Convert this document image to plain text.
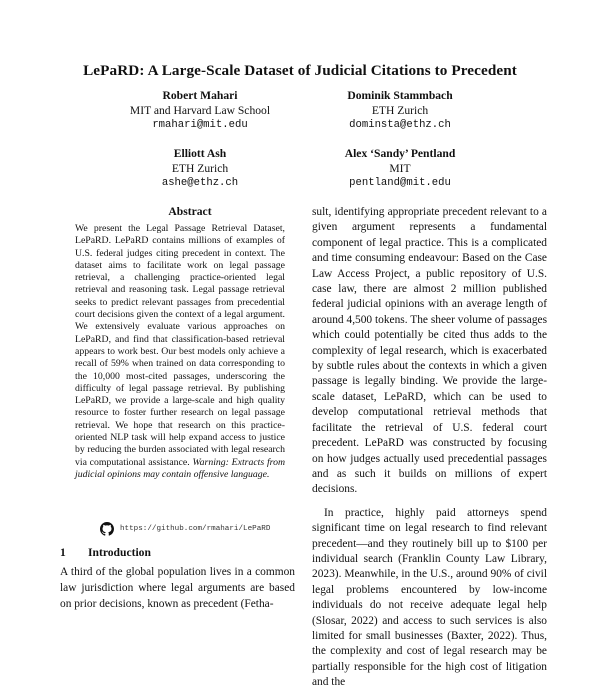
LePaRD: A Large-Scale Dataset of Judicial Citations to Precedent
Robert Mahari
MIT and Harvard Law School
rmahari@mit.edu
Dominik Stammbach
ETH Zurich
dominsta@ethz.ch
Elliott Ash
ETH Zurich
ashe@ethz.ch
Alex ‘Sandy’ Pentland
MIT
pentland@mit.edu
Abstract
We present the Legal Passage Retrieval Dataset, LePaRD. LePaRD contains millions of examples of U.S. federal judges citing precedent in context. The dataset aims to facilitate work on legal passage retrieval, a challenging practice-oriented legal retrieval and reasoning task. Legal passage retrieval seeks to predict relevant passages from precedential court decisions given the context of a legal argument. We extensively evaluate various approaches on LePaRD, and find that classification-based retrieval appears to work best. Our best models only achieve a recall of 59% when trained on data corresponding to the 10,000 most-cited passages, underscoring the difficulty of legal passage retrieval. By publishing LePaRD, we provide a large-scale and high quality resource to foster further research on legal passage retrieval. We hope that research on this practice-oriented NLP task will help expand access to justice by reducing the burden associated with legal research via computational assistance. Warning: Extracts from judicial opinions may contain offensive language.
https://github.com/rmahari/LePaRD
1 Introduction
A third of the global population lives in a common law jurisdiction where legal arguments are based on prior decisions, known as precedent (Fetha-

sult, identifying appropriate precedent relevant to a given argument represents a fundamental component of legal practice. This is a complicated and time consuming endeavour: Based on the Case Law Access Project, a public repository of U.S. case law, there are almost 2 million published federal judicial opinions with an average length of around 4,500 tokens. The sheer volume of passages which could potentially be cited thus adds to the complexity of legal research, which is exacerbated by subtle rules about the contexts in which a given passage is legally binding. We provide the large-scale dataset, LePaRD, which can be used to develop computational retrieval methods that facilitate the retrieval of U.S. federal court precedent. LePaRD was constructed by focusing on how judges actually used precedential passages and as such it builds on millions of expert decisions.

In practice, highly paid attorneys spend significant time on legal research to find relevant precedent—and they routinely bill up to $100 per individual search (Franklin County Law Library, 2023). Meanwhile, in the U.S., around 90% of civil legal problems encountered by low-income individuals do not receive adequate legal help (Slosar, 2022) and access to such services is also limited for small businesses (Baxter, 2022). Thus, the complexity and cost of legal research may be partially responsible for the high cost of litigation and the
